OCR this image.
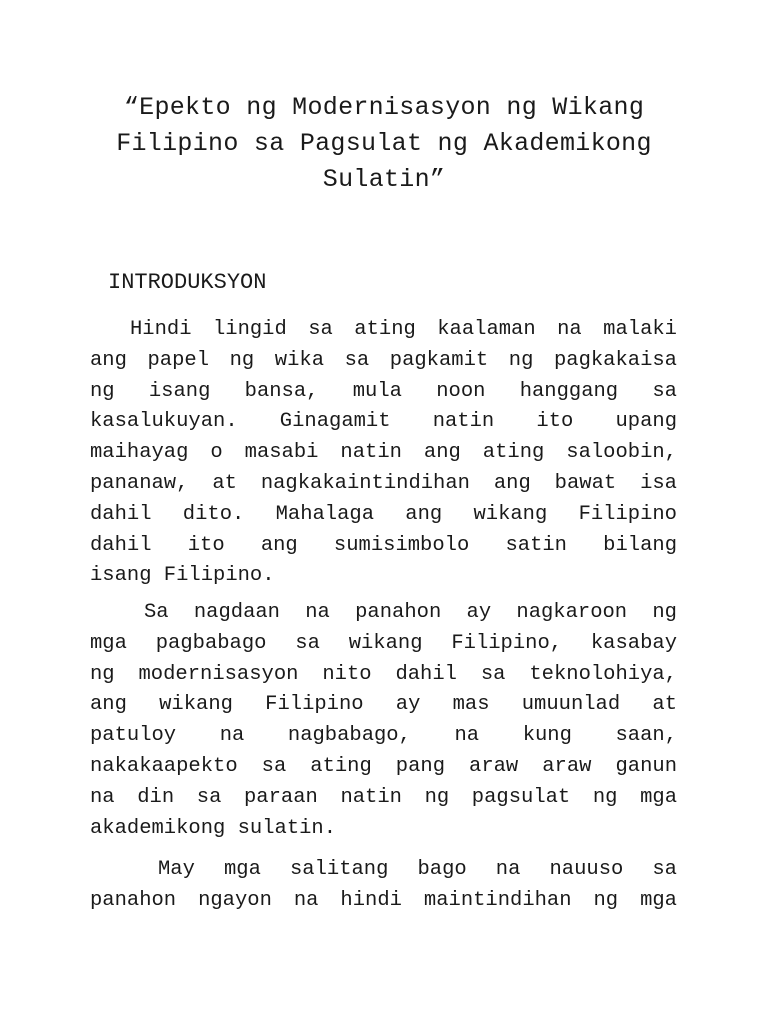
“Epekto ng Modernisasyon ng Wikang
Filipino sa Pagsulat ng Akademikong
Sulatin”
INTRODUKSYON
Hindi lingid sa ating kaalaman na malaki
ang papel ng wika sa pagkamit ng pagkakaisa
ng isang bansa, mula noon hanggang sa
kasalukuyan. Ginagamit natin ito upang
maihayag o masabi natin ang ating saloobin,
pananaw, at nagkakaintindihan ang bawat isa
dahil dito. Mahalaga ang wikang Filipino
dahil ito ang sumisimbolo satin bilang
isang Filipino.
Sa nagdaan na panahon ay nagkaroon ng
mga pagbabago sa wikang Filipino, kasabay
ng modernisasyon nito dahil sa teknolohiya,
ang wikang Filipino ay mas umuunlad at
patuloy na nagbabago, na kung saan,
nakakaapekto sa ating pang araw araw ganun
na din sa paraan natin ng pagsulat ng mga
akademikong sulatin.
May mga salitang bago na nauuso sa
panahon ngayon na hindi maintindihan ng mga
